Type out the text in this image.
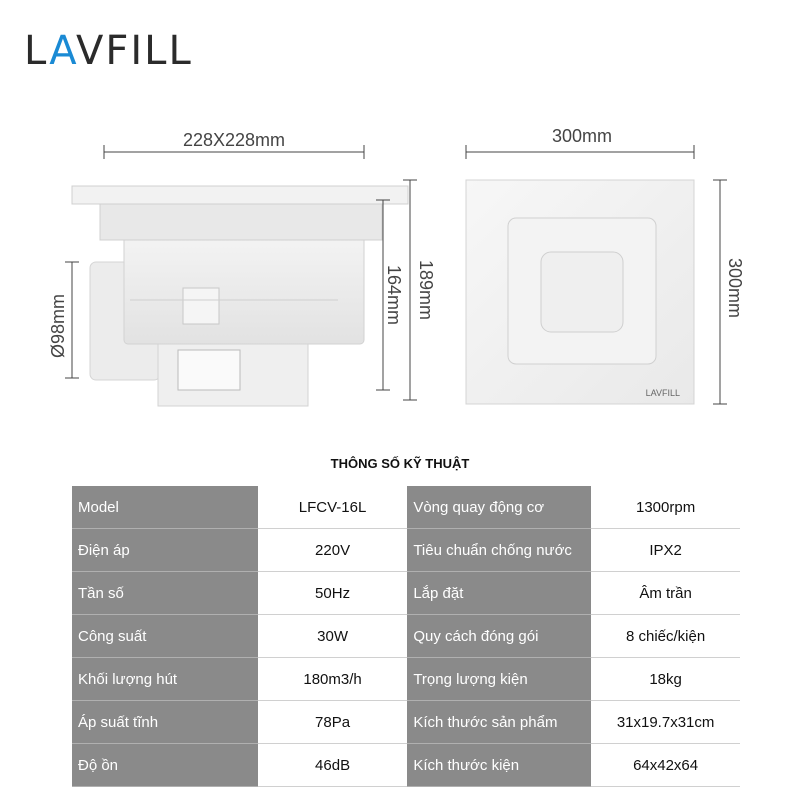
LAVFILL
228X228mm
164mm 189mm
Ø98mm
LAVFILL
300mm
300mm
THÔNG SỐ KỸ THUẬT
Model	LFCV-16L	Vòng quay động cơ	1300rpm
Điện áp	220V	Tiêu chuẩn chống nước	IPX2
Tần số	50Hz	Lắp đặt	Âm trần
Công suất	30W	Quy cách đóng gói	8 chiếc/kiện
Khối lượng hút	180m3/h	Trọng lượng kiện	18kg
Áp suất tĩnh	78Pa	Kích thước sản phẩm	31x19.7x31cm
Độ ồn	46dB	Kích thước kiện	64x42x64
